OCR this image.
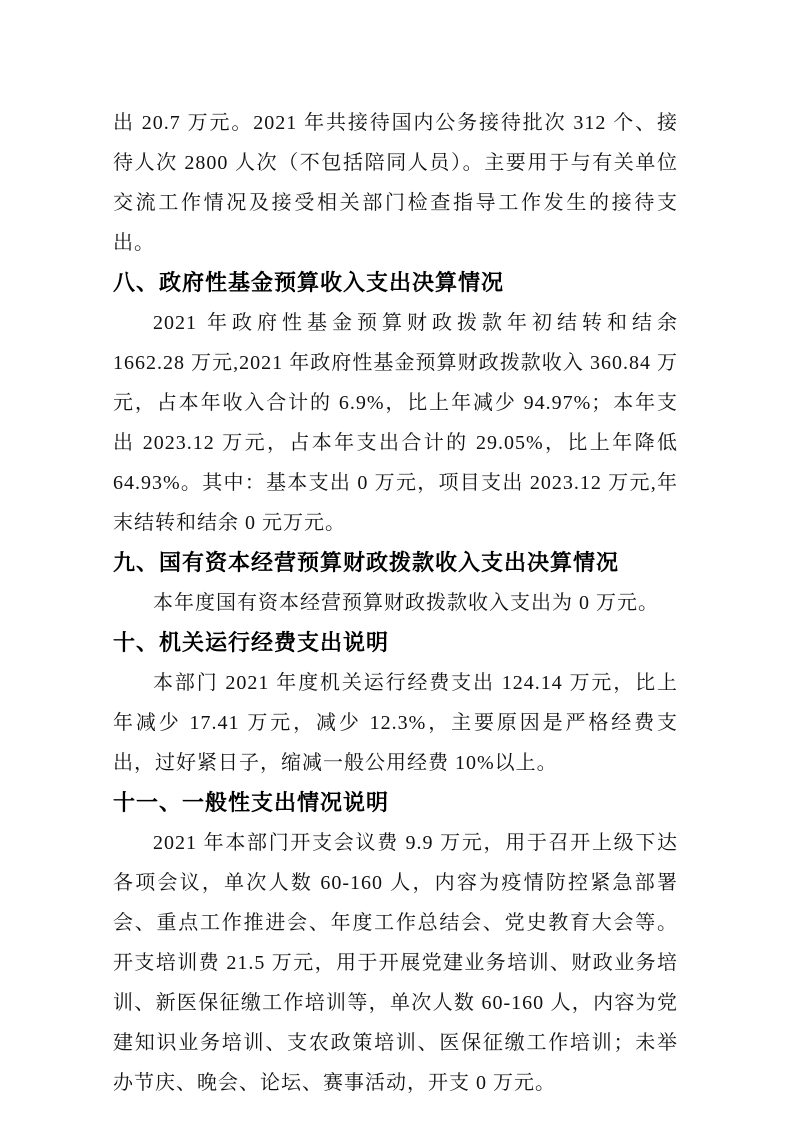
出 20.7 万元。2021 年共接待国内公务接待批次 312 个、接待人次 2800 人次（不包括陪同人员）。主要用于与有关单位交流工作情况及接受相关部门检查指导工作发生的接待支出。

八、政府性基金预算收入支出决算情况

2021 年政府性基金预算财政拨款年初结转和结余 1662.28 万元,2021 年政府性基金预算财政拨款收入 360.84 万元，占本年收入合计的 6.9%，比上年减少 94.97%；本年支出 2023.12 万元，占本年支出合计的 29.05%，比上年降低 64.93%。其中：基本支出 0 万元，项目支出 2023.12 万元,年末结转和结余 0 元万元。

九、国有资本经营预算财政拨款收入支出决算情况

本年度国有资本经营预算财政拨款收入支出为 0 万元。

十、机关运行经费支出说明

本部门 2021 年度机关运行经费支出 124.14 万元，比上年减少 17.41 万元，减少 12.3%，主要原因是严格经费支出，过好紧日子，缩减一般公用经费 10%以上。

十一、一般性支出情况说明

2021 年本部门开支会议费 9.9 万元，用于召开上级下达各项会议，单次人数 60-160 人，内容为疫情防控紧急部署会、重点工作推进会、年度工作总结会、党史教育大会等。开支培训费 21.5 万元，用于开展党建业务培训、财政业务培训、新医保征缴工作培训等，单次人数 60-160 人，内容为党建知识业务培训、支农政策培训、医保征缴工作培训；未举办节庆、晚会、论坛、赛事活动，开支 0 万元。
